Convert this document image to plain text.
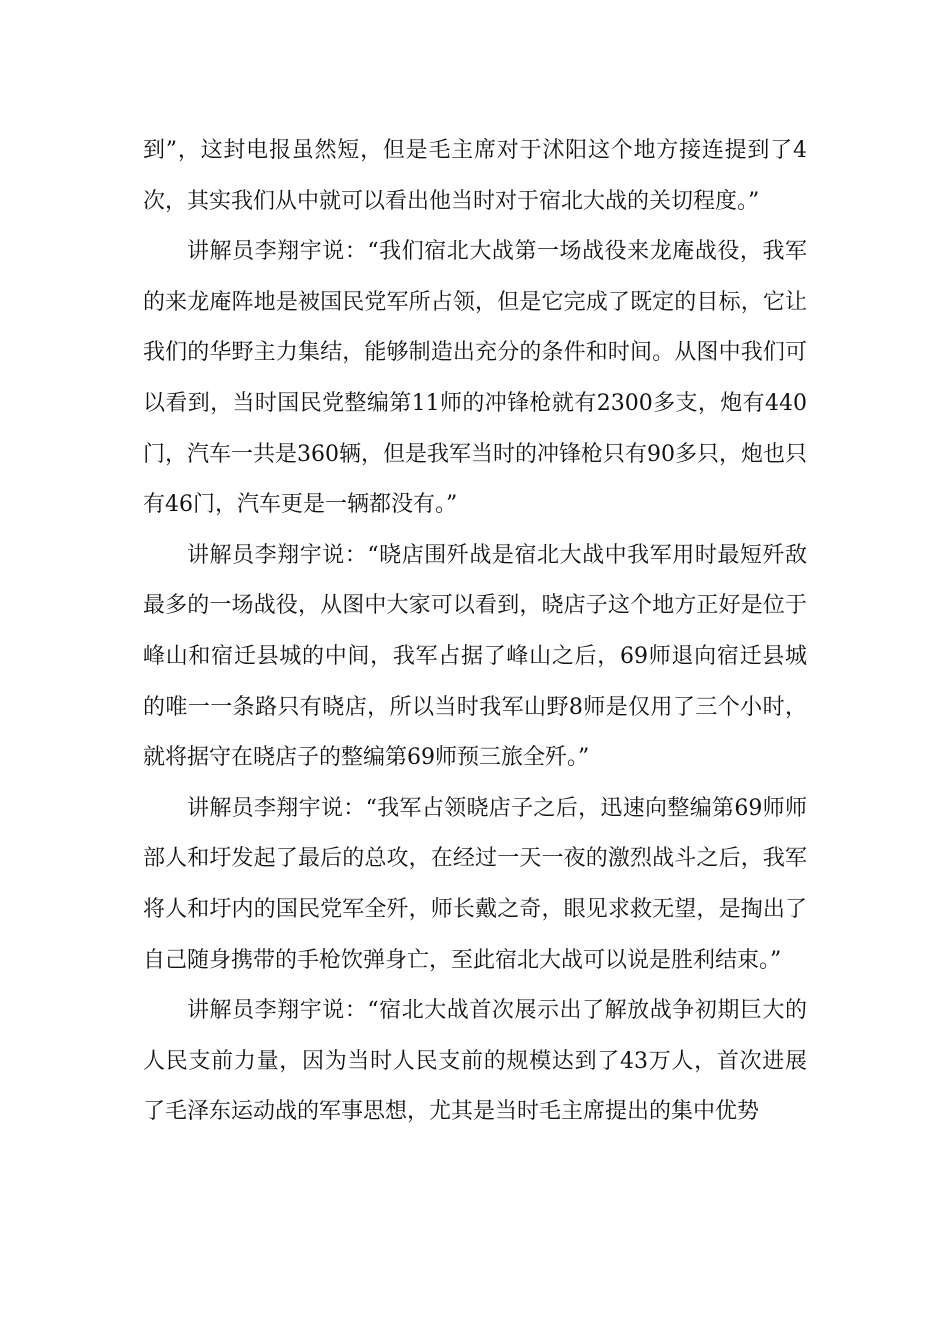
到”，这封电报虽然短，但是毛主席对于沭阳这个地方接连提到了4次，其实我们从中就可以看出他当时对于宿北大战的关切程度。”

讲解员李翔宇说：“我们宿北大战第一场战役来龙庵战役，我军的来龙庵阵地是被国民党军所占领，但是它完成了既定的目标，它让我们的华野主力集结，能够制造出充分的条件和时间。从图中我们可以看到，当时国民党整编第11师的冲锋枪就有2300多支，炮有440门，汽车一共是360辆，但是我军当时的冲锋枪只有90多只，炮也只有46门，汽车更是一辆都没有。”

讲解员李翔宇说：“晓店围歼战是宿北大战中我军用时最短歼敌最多的一场战役，从图中大家可以看到，晓店子这个地方正好是位于峰山和宿迁县城的中间，我军占据了峰山之后，69师退向宿迁县城的唯一一条路只有晓店，所以当时我军山野8师是仅用了三个小时，就将据守在晓店子的整编第69师预三旅全歼。”

讲解员李翔宇说：“我军占领晓店子之后，迅速向整编第69师师部人和圩发起了最后的总攻，在经过一天一夜的激烈战斗之后，我军将人和圩内的国民党军全歼，师长戴之奇，眼见求救无望，是掏出了自己随身携带的手枪饮弹身亡，至此宿北大战可以说是胜利结束。”

讲解员李翔宇说：“宿北大战首次展示出了解放战争初期巨大的人民支前力量，因为当时人民支前的规模达到了43万人，首次进展了毛泽东运动战的军事思想，尤其是当时毛主席提出的集中优势
